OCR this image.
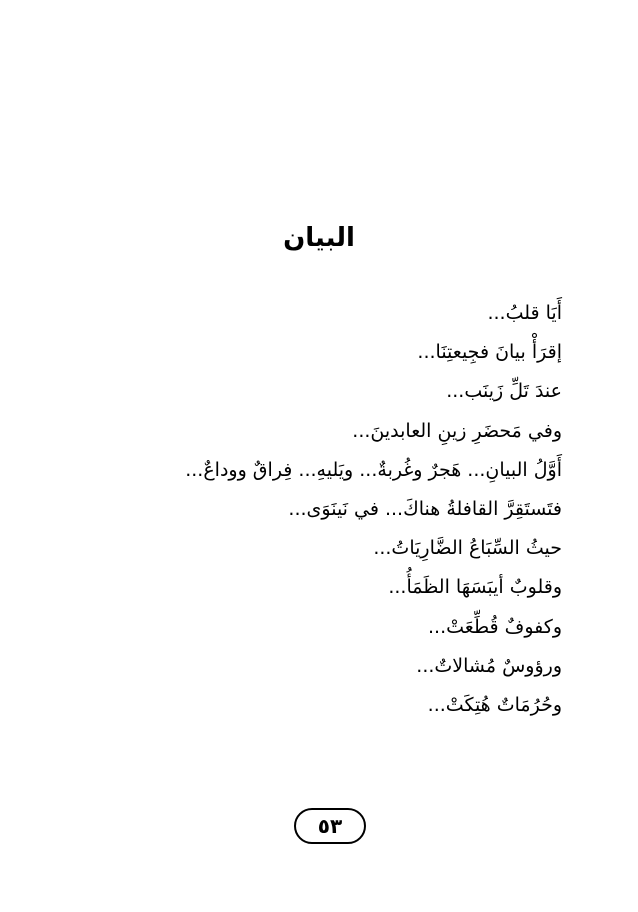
البيان
أَيَا قلبُ...
إقرَأْ بيانَ فجِيعتِنَا...
عندَ تَلِّ زَينَب...
وفي مَحضَرِ زينِ العابدينَ...
أَوَّلُ البيانِ... هَجرٌ وغُربةٌ... ويَليهِ... فِراقٌ ووداعٌ...
فتَستَقِرَّ القافلةُ هناكَ... في نَينَوَى...
حيثُ السِّبَاعُ الضَّارِيَاتُ...
وقلوبٌ أيبَسَهَا الظَمَأُ...
وكفوفٌ قُطِّعَتْ...
ورؤوسٌ مُشالاتٌ...
وحُرُمَاتٌ هُتِكَتْ...
٥٣
